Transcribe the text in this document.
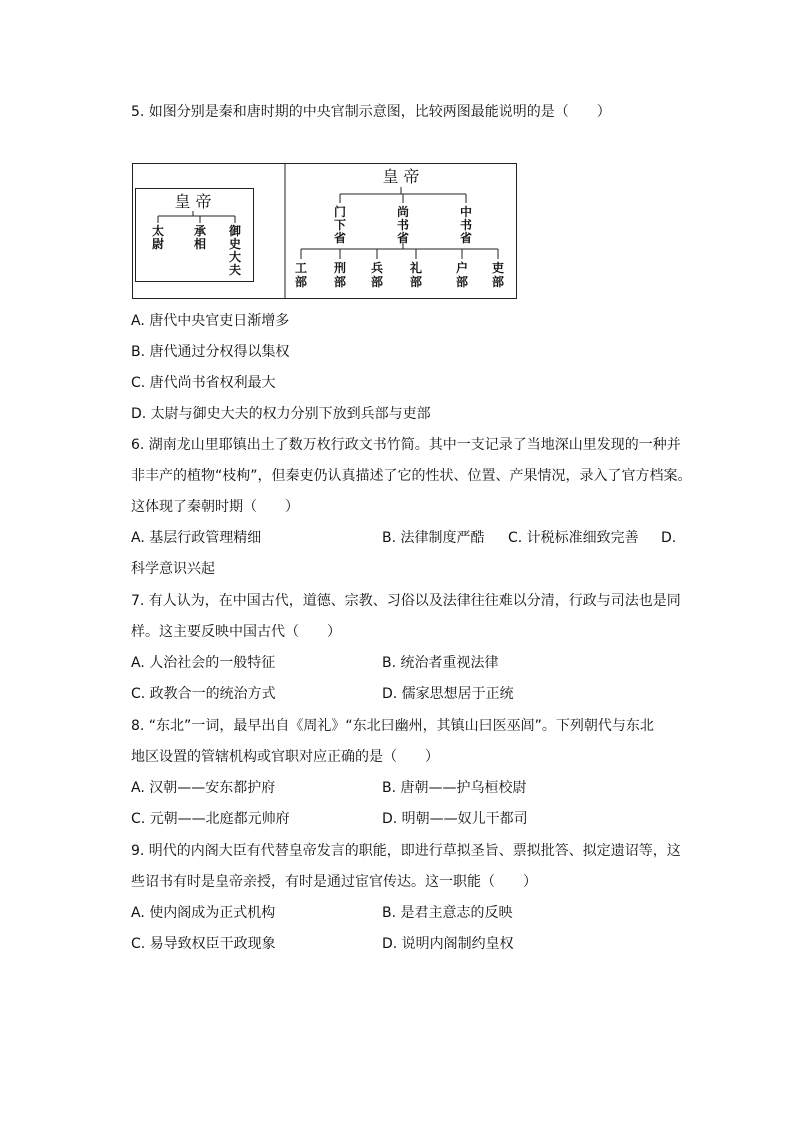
5. 如图分别是秦和唐时期的中央官制示意图，比较两图最能说明的是（　　）
皇 帝
太尉
承相
御史大夫
皇 帝
门下省
尚书省
中书省
工部
刑部
兵部
礼部
户部
吏部
A. 唐代中央官吏日渐增多
B. 唐代通过分权得以集权
C. 唐代尚书省权利最大
D. 太尉与御史大夫的权力分别下放到兵部与吏部
6. 湖南龙山里耶镇出土了数万枚行政文书竹简。其中一支记录了当地深山里发现的一种并
非丰产的植物“枝枸”，但秦吏仍认真描述了它的性状、位置、产果情况，录入了官方档案。
这体现了秦朝时期（　　）
A. 基层行政管理精细	B. 法律制度严酷 C. 计税标准细致完善 D.
科学意识兴起
7. 有人认为，在中国古代，道德、宗教、习俗以及法律往往难以分清，行政与司法也是同
样。这主要反映中国古代（　　）
A. 人治社会的一般特征	B. 统治者重视法律
C. 政教合一的统治方式	D. 儒家思想居于正统
8. “东北”一词，最早出自《周礼》“东北曰幽州，其镇山曰医巫闾”。下列朝代与东北
地区设置的管辖机构或官职对应正确的是（　　）
A. 汉朝——安东都护府	B. 唐朝——护乌桓校尉
C. 元朝——北庭都元帅府	D. 明朝——奴儿干都司
9. 明代的内阁大臣有代替皇帝发言的职能，即进行草拟圣旨、票拟批答、拟定遗诏等，这
些诏书有时是皇帝亲授，有时是通过宦官传达。这一职能（　　）
A. 使内阁成为正式机构	B. 是君主意志的反映
C. 易导致权臣干政现象	D. 说明内阁制约皇权
